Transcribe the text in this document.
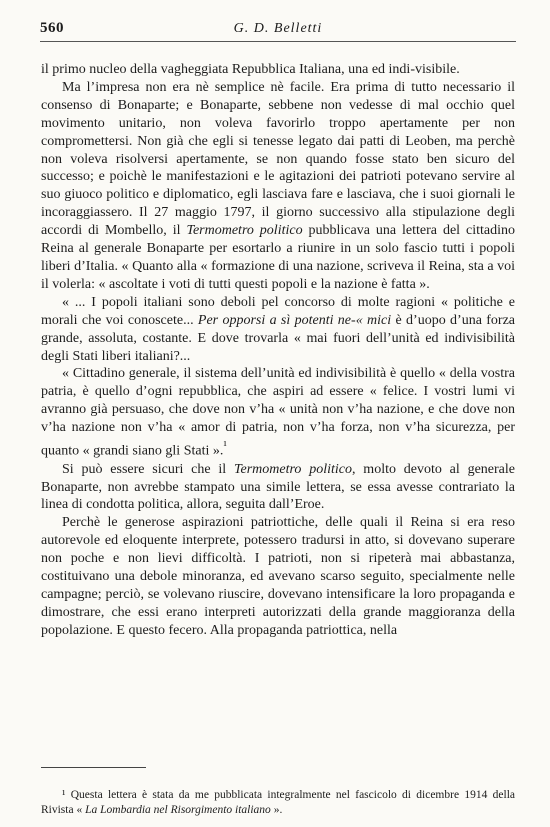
560	G. D. Belletti

il primo nucleo della vagheggiata Repubblica Italiana, una ed indi-visibile.

Ma l’impresa non era nè semplice nè facile. Era prima di tutto necessario il consenso di Bonaparte; e Bonaparte, sebbene non vedesse di mal occhio quel movimento unitario, non voleva favorirlo troppo apertamente per non compromettersi. Non già che egli si tenesse legato dai patti di Leoben, ma perchè non voleva risolversi apertamente, se non quando fosse stato ben sicuro del successo; e poichè le manifestazioni e le agitazioni dei patrioti potevano servire al suo giuoco politico e diplomatico, egli lasciava fare e lasciava, che i suoi giornali le incoraggiassero. Il 27 maggio 1797, il giorno successivo alla stipulazione degli accordi di Mombello, il Termometro politico pubblicava una lettera del cittadino Reina al generale Bonaparte per esortarlo a riunire in un solo fascio tutti i popoli liberi d’Italia. « Quanto alla « formazione di una nazione, scriveva il Reina, sta a voi il volerla: « ascoltate i voti di tutti questi popoli e la nazione è fatta ».

« ... I popoli italiani sono deboli pel concorso di molte ragioni « politiche e morali che voi conoscete... Per opporsi a sì potenti ne-« mici è d’uopo d’una forza grande, assoluta, costante. E dove trovarla « mai fuori dell’unità ed indivisibilità degli Stati liberi italiani?...

« Cittadino generale, il sistema dell’unità ed indivisibilità è quello « della vostra patria, è quello d’ogni repubblica, che aspiri ad essere « felice. I vostri lumi vi avranno già persuaso, che dove non v’ha « unità non v’ha nazione, e che dove non v’ha nazione non v’ha « amor di patria, non v’ha forza, non v’ha sicurezza, per quanto « grandi siano gli Stati ».$^{^1}$

Si può essere sicuri che il Termometro politico, molto devoto al generale Bonaparte, non avrebbe stampato una simile lettera, se essa avesse contrariato la linea di condotta politica, allora, seguita dall’Eroe.

Perchè le generose aspirazioni patriottiche, delle quali il Reina si era reso autorevole ed eloquente interprete, potessero tradursi in atto, si dovevano superare non poche e non lievi difficoltà. I patrioti, non si ripeterà mai abbastanza, costituivano una debole minoranza, ed avevano scarso seguito, specialmente nelle campagne; perciò, se volevano riuscire, dovevano intensificare la loro propaganda e dimostrare, che essi erano interpreti autorizzati della grande maggioranza della popolazione. E questo fecero. Alla propaganda patriottica, nella

¹ Questa lettera è stata da me pubblicata integralmente nel fascicolo di dicembre 1914 della Rivista « La Lombardia nel Risorgimento italiano ».
